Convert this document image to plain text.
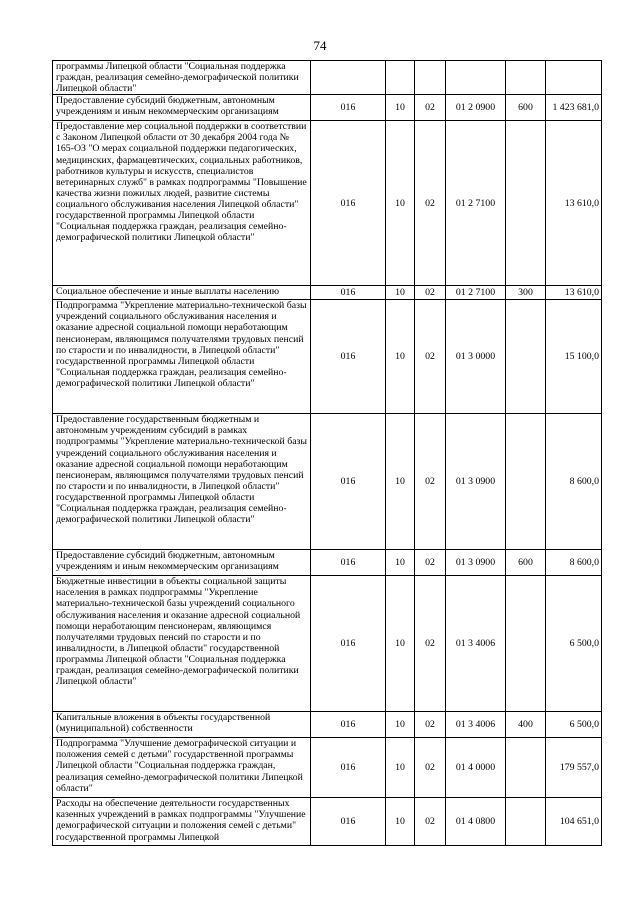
74
программы Липецкой области "Социальная поддержка граждан, реализация семейно-демографической политики Липецкой области"						
Предоставление субсидий бюджетным, автономным учреждениям и иным некоммерческим организациям	016	10	02	01 2 0900	600	1 423 681,0
Предоставление мер социальной поддержки в соответствии с Законом Липецкой области от 30 декабря 2004 года № 165-ОЗ "О мерах социальной поддержки педагогических, медицинских, фармацевтических, социальных работников, работников культуры и искусств, специалистов ветеринарных служб" в рамках подпрограммы "Повышение качества жизни пожилых людей, развитие системы социального обслуживания населения Липецкой области" государственной программы Липецкой области "Социальная поддержка граждан, реализация семейно-демографической политики Липецкой области"	016	10	02	01 2 7100		13 610,0
Социальное обеспечение и иные выплаты населению	016	10	02	01 2 7100	300	13 610,0
Подпрограмма "Укрепление материально-технической базы учреждений социального обслуживания населения и оказание адресной социальной помощи неработающим пенсионерам, являющимся получателями трудовых пенсий по старости и по инвалидности, в Липецкой области" государственной программы Липецкой области "Социальная поддержка граждан, реализация семейно-демографической политики Липецкой области"	016	10	02	01 3 0000		15 100,0
Предоставление государственным бюджетным и автономным учреждениям субсидий в рамках подпрограммы "Укрепление материально-технической базы учреждений социального обслуживания населения и оказание адресной социальной помощи неработающим пенсионерам, являющимся получателями трудовых пенсий по старости и по инвалидности, в Липецкой области" государственной программы Липецкой области "Социальная поддержка граждан, реализация семейно-демографической политики Липецкой области"	016	10	02	01 3 0900		8 600,0
Предоставление субсидий бюджетным, автономным учреждениям и иным некоммерческим организациям	016	10	02	01 3 0900	600	8 600,0
Бюджетные инвестиции в объекты социальной защиты населения в рамках подпрограммы "Укрепление материально-технической базы учреждений социального обслуживания населения и оказание адресной социальной помощи неработающим пенсионерам, являющимся получателями трудовых пенсий по старости и по инвалидности, в Липецкой области" государственной программы Липецкой области "Социальная поддержка граждан, реализация семейно-демографической политики Липецкой области"	016	10	02	01 3 4006		6 500,0
Капитальные вложения в объекты государственной (муниципальной) собственности	016	10	02	01 3 4006	400	6 500,0
Подпрограмма "Улучшение демографической ситуации и положения семей с детьми" государственной программы Липецкой области "Социальная поддержка граждан, реализация семейно-демографической политики Липецкой области"	016	10	02	01 4 0000		179 557,0
Расходы на обеспечение деятельности государственных казенных учреждений в рамках подпрограммы "Улучшение демографической ситуации и положения семей с детьми" государственной программы Липецкой	016	10	02	01 4 0800		104 651,0
